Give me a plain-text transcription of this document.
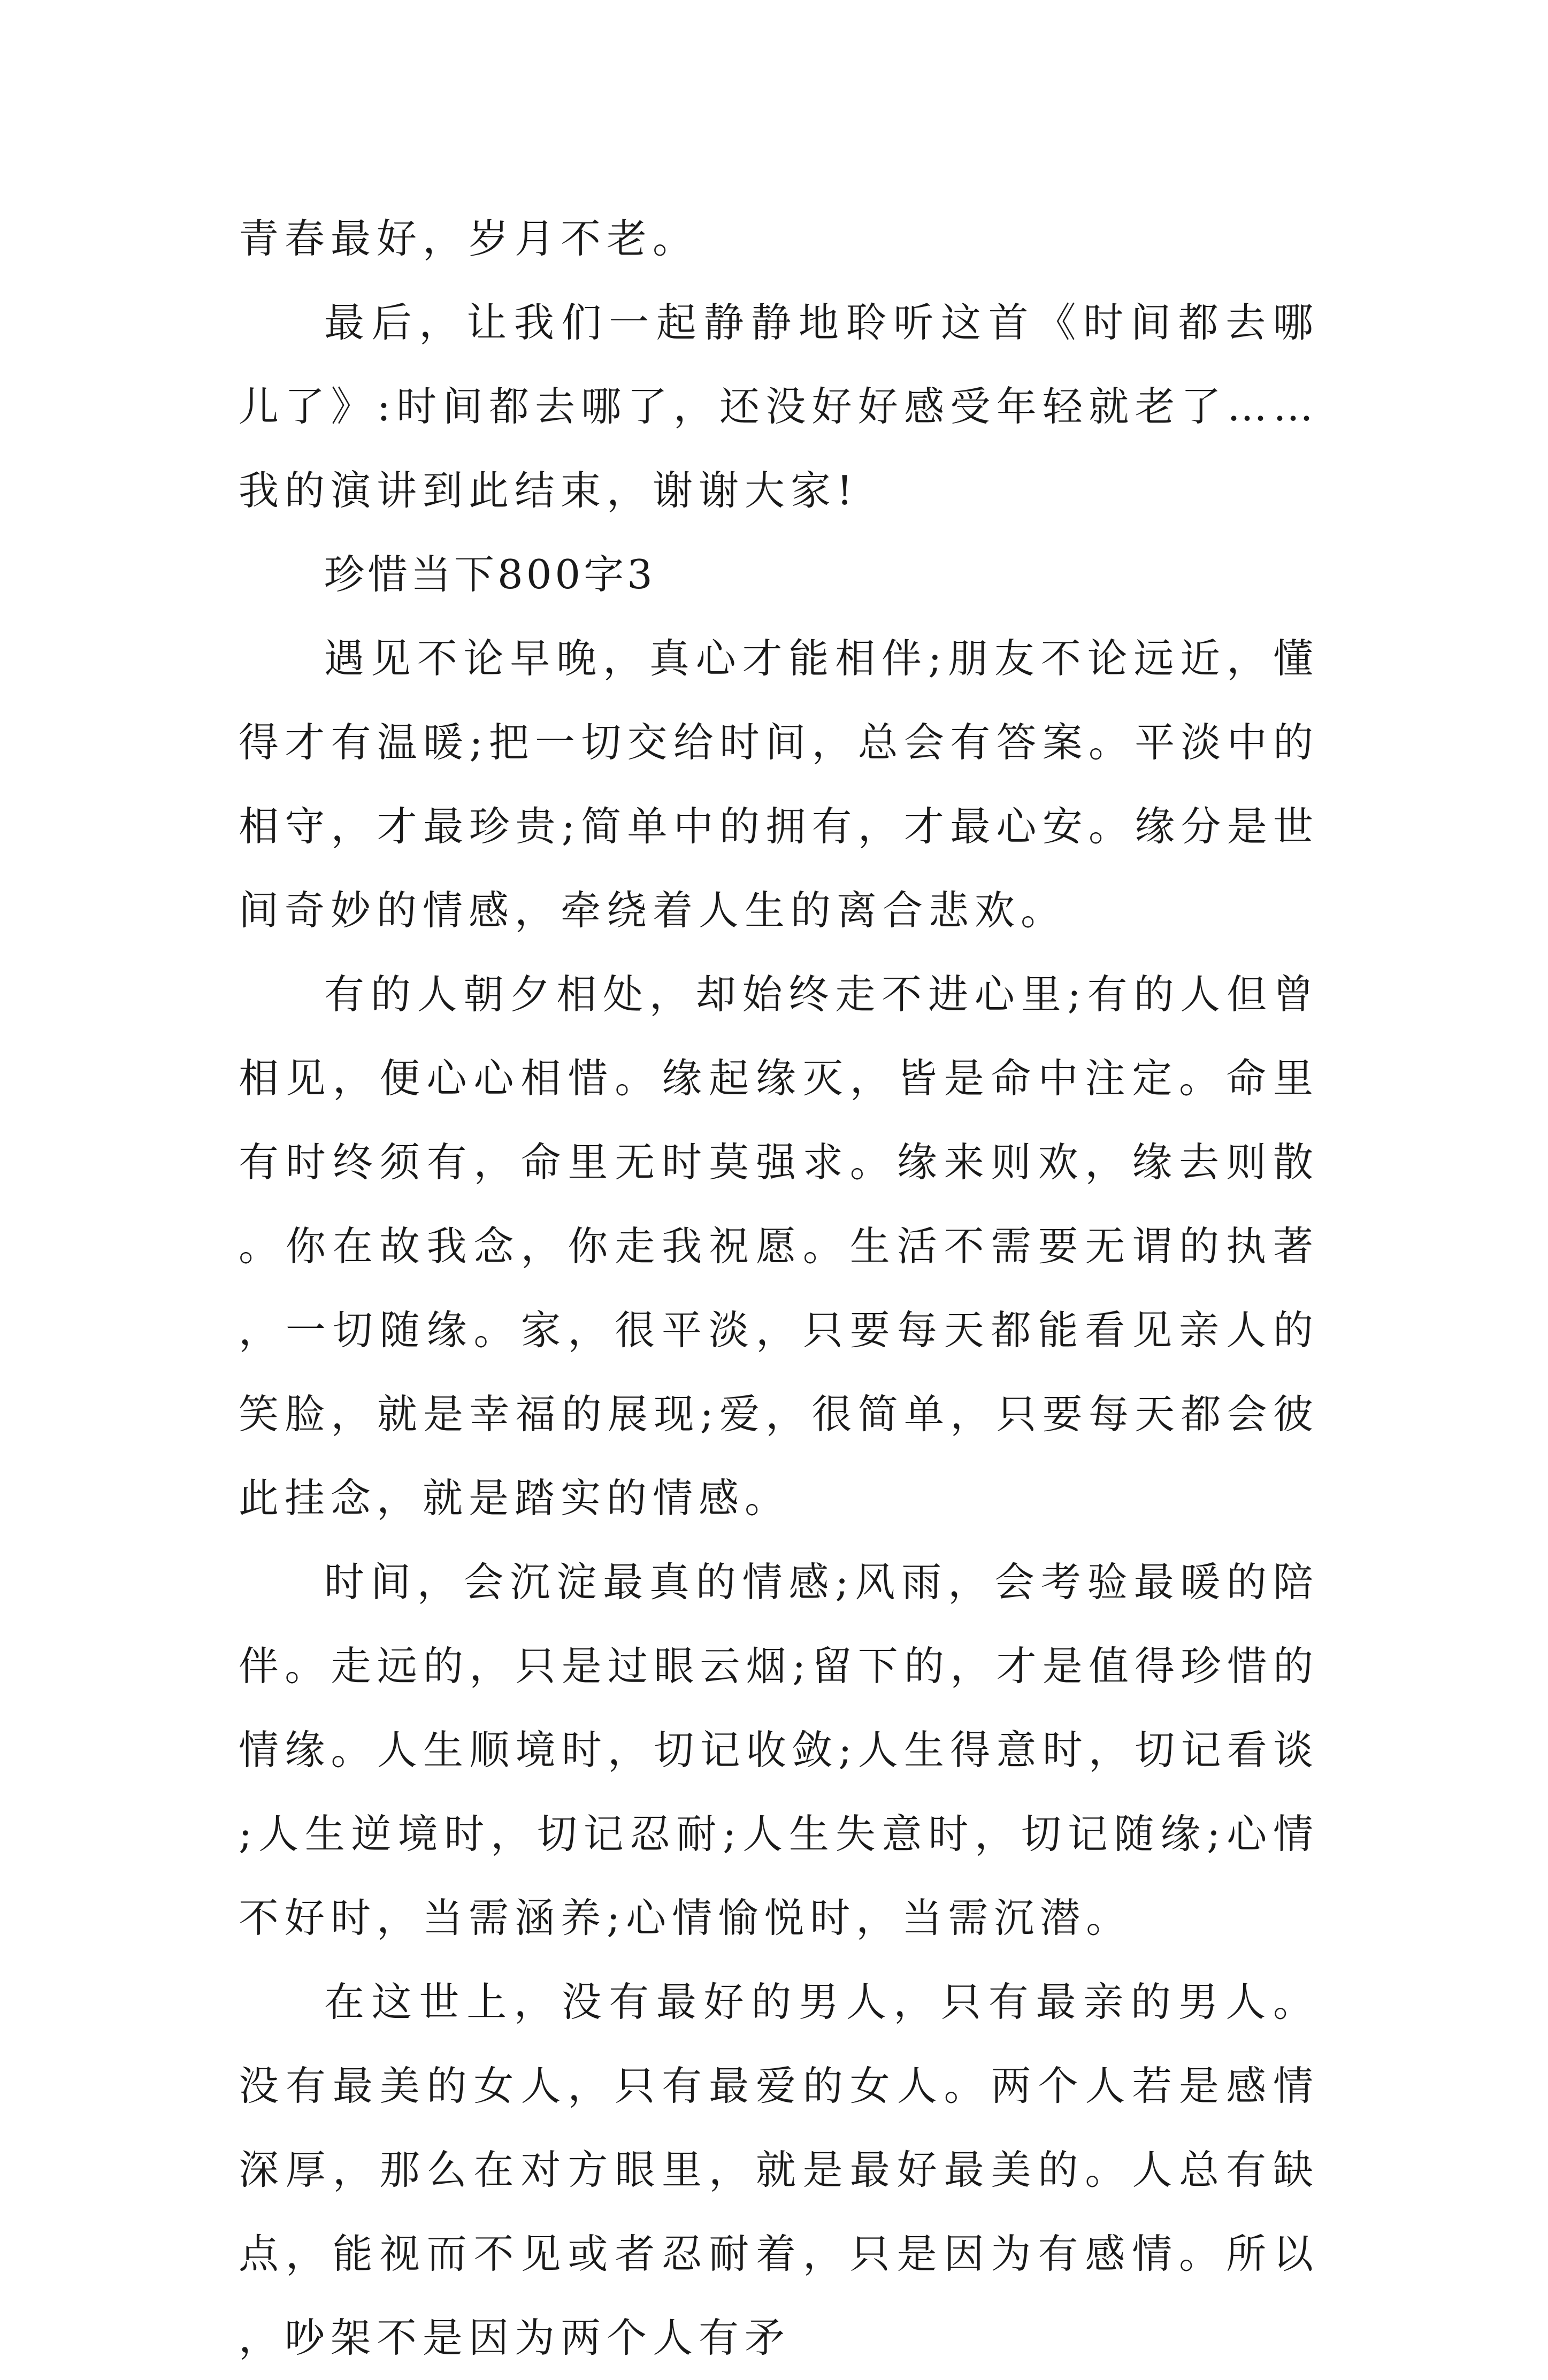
青春最好，岁月不老。

最后，让我们一起静静地聆听这首《时间都去哪儿了》:时间都去哪了，还没好好感受年轻就老了……我的演讲到此结束，谢谢大家!

珍惜当下800字3

遇见不论早晚，真心才能相伴;朋友不论远近，懂得才有温暖;把一切交给时间，总会有答案。平淡中的相守，才最珍贵;简单中的拥有，才最心安。缘分是世间奇妙的情感，牵绕着人生的离合悲欢。

有的人朝夕相处，却始终走不进心里;有的人但曾相见，便心心相惜。缘起缘灭，皆是命中注定。命里有时终须有，命里无时莫强求。缘来则欢，缘去则散。你在故我念，你走我祝愿。生活不需要无谓的执著，一切随缘。家，很平淡，只要每天都能看见亲人的笑脸，就是幸福的展现;爱，很简单，只要每天都会彼此挂念，就是踏实的情感。

时间，会沉淀最真的情感;风雨，会考验最暖的陪伴。走远的，只是过眼云烟;留下的，才是值得珍惜的情缘。人生顺境时，切记收敛;人生得意时，切记看谈;人生逆境时，切记忍耐;人生失意时，切记随缘;心情不好时，当需涵养;心情愉悦时，当需沉潜。

在这世上，没有最好的男人，只有最亲的男人。没有最美的女人，只有最爱的女人。两个人若是感情深厚，那么在对方眼里，就是最好最美的。人总有缺点，能视而不见或者忍耐着，只是因为有感情。所以，吵架不是因为两个人有矛
